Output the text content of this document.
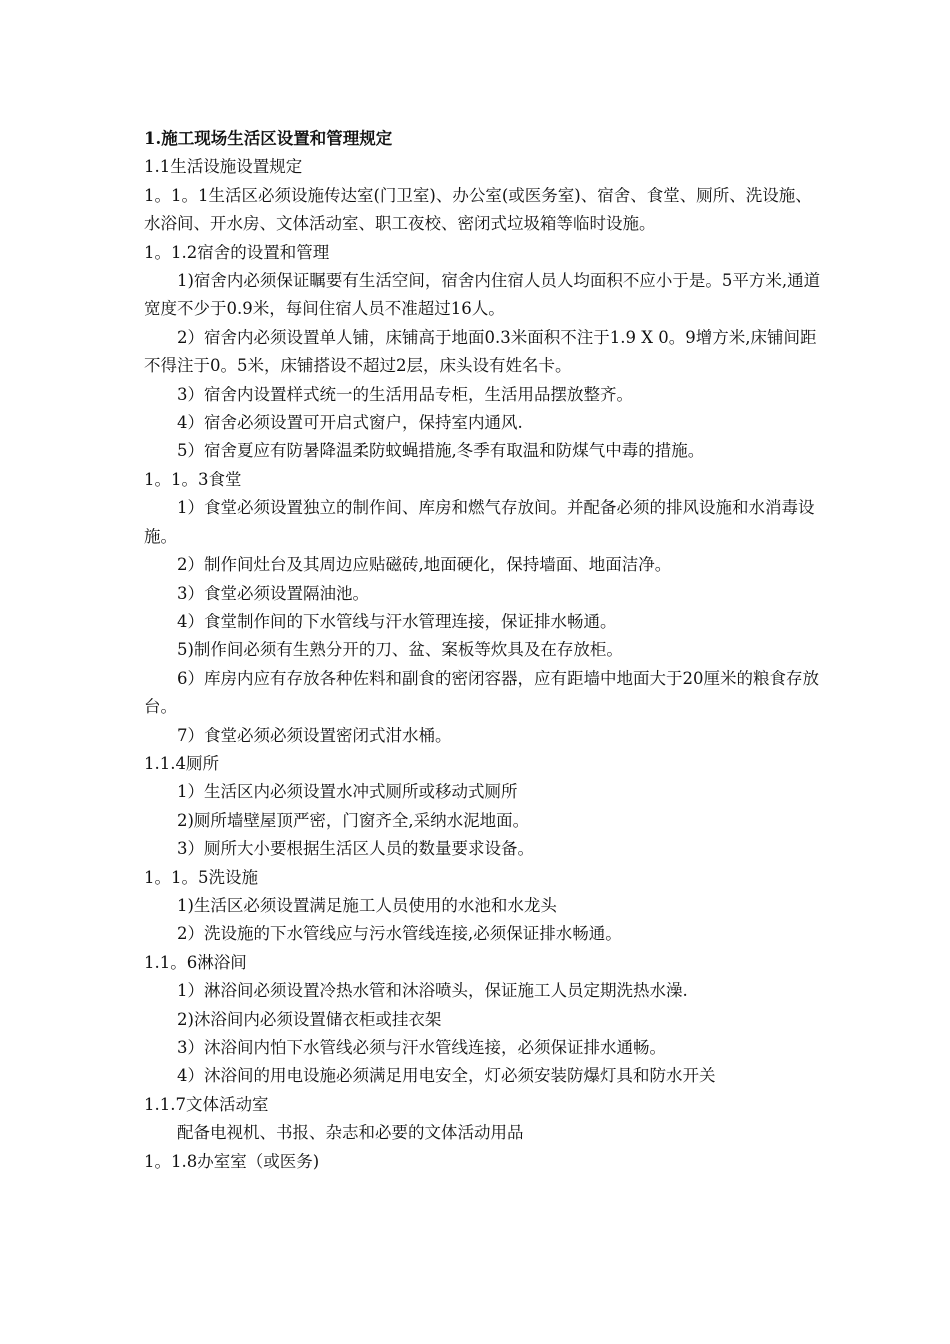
1.施工现场生活区设置和管理规定

1.1生活设施设置规定

1。1。1生活区必须设施传达室(门卫室)、办公室(或医务室)、宿舍、食堂、厕所、洗设施、水浴间、开水房、文体活动室、职工夜校、密闭式垃圾箱等临时设施。

1。1.2宿舍的设置和管理

1)宿舍内必须保证瞩要有生活空间，宿舍内住宿人员人均面积不应小于是。5平方米,通道宽度不少于0.9米，每间住宿人员不准超过16人。

2）宿舍内必须设置单人铺，床铺高于地面0.3米面积不注于1.9 X 0。9增方米,床铺间距不得注于0。5米，床铺搭设不超过2层，床头设有姓名卡。

3）宿舍内设置样式统一的生活用品专柜，生活用品摆放整齐。

4）宿舍必须设置可开启式窗户，保持室内通风.

5）宿舍夏应有防暑降温柔防蚊蝇措施,冬季有取温和防煤气中毒的措施。

1。1。3食堂

1）食堂必须设置独立的制作间、库房和燃气存放间。并配备必须的排风设施和水消毒设施。

2）制作间灶台及其周边应贴磁砖,地面硬化，保持墙面、地面洁净。

3）食堂必须设置隔油池。

4）食堂制作间的下水管线与汗水管理连接，保证排水畅通。

5)制作间必须有生熟分开的刀、盆、案板等炊具及在存放柜。

6）库房内应有存放各种佐料和副食的密闭容器，应有距墙中地面大于20厘米的粮食存放台。

7）食堂必须必须设置密闭式泔水桶。

1.1.4厕所

1）生活区内必须设置水冲式厕所或移动式厕所

2)厕所墙壁屋顶严密，门窗齐全,采纳水泥地面。

3）厕所大小要根据生活区人员的数量要求设备。

1。1。5洗设施

1)生活区必须设置满足施工人员使用的水池和水龙头

2）洗设施的下水管线应与污水管线连接,必须保证排水畅通。

1.1。6淋浴间

1）淋浴间必须设置冷热水管和沐浴喷头，保证施工人员定期洗热水澡.

2)沐浴间内必须设置储衣柜或挂衣架

3）沐浴间内怕下水管线必须与汗水管线连接，必须保证排水通畅。

4）沐浴间的用电设施必须满足用电安全，灯必须安装防爆灯具和防水开关

1.1.7文体活动室

配备电视机、书报、杂志和必要的文体活动用品

1。1.8办室室（或医务)
